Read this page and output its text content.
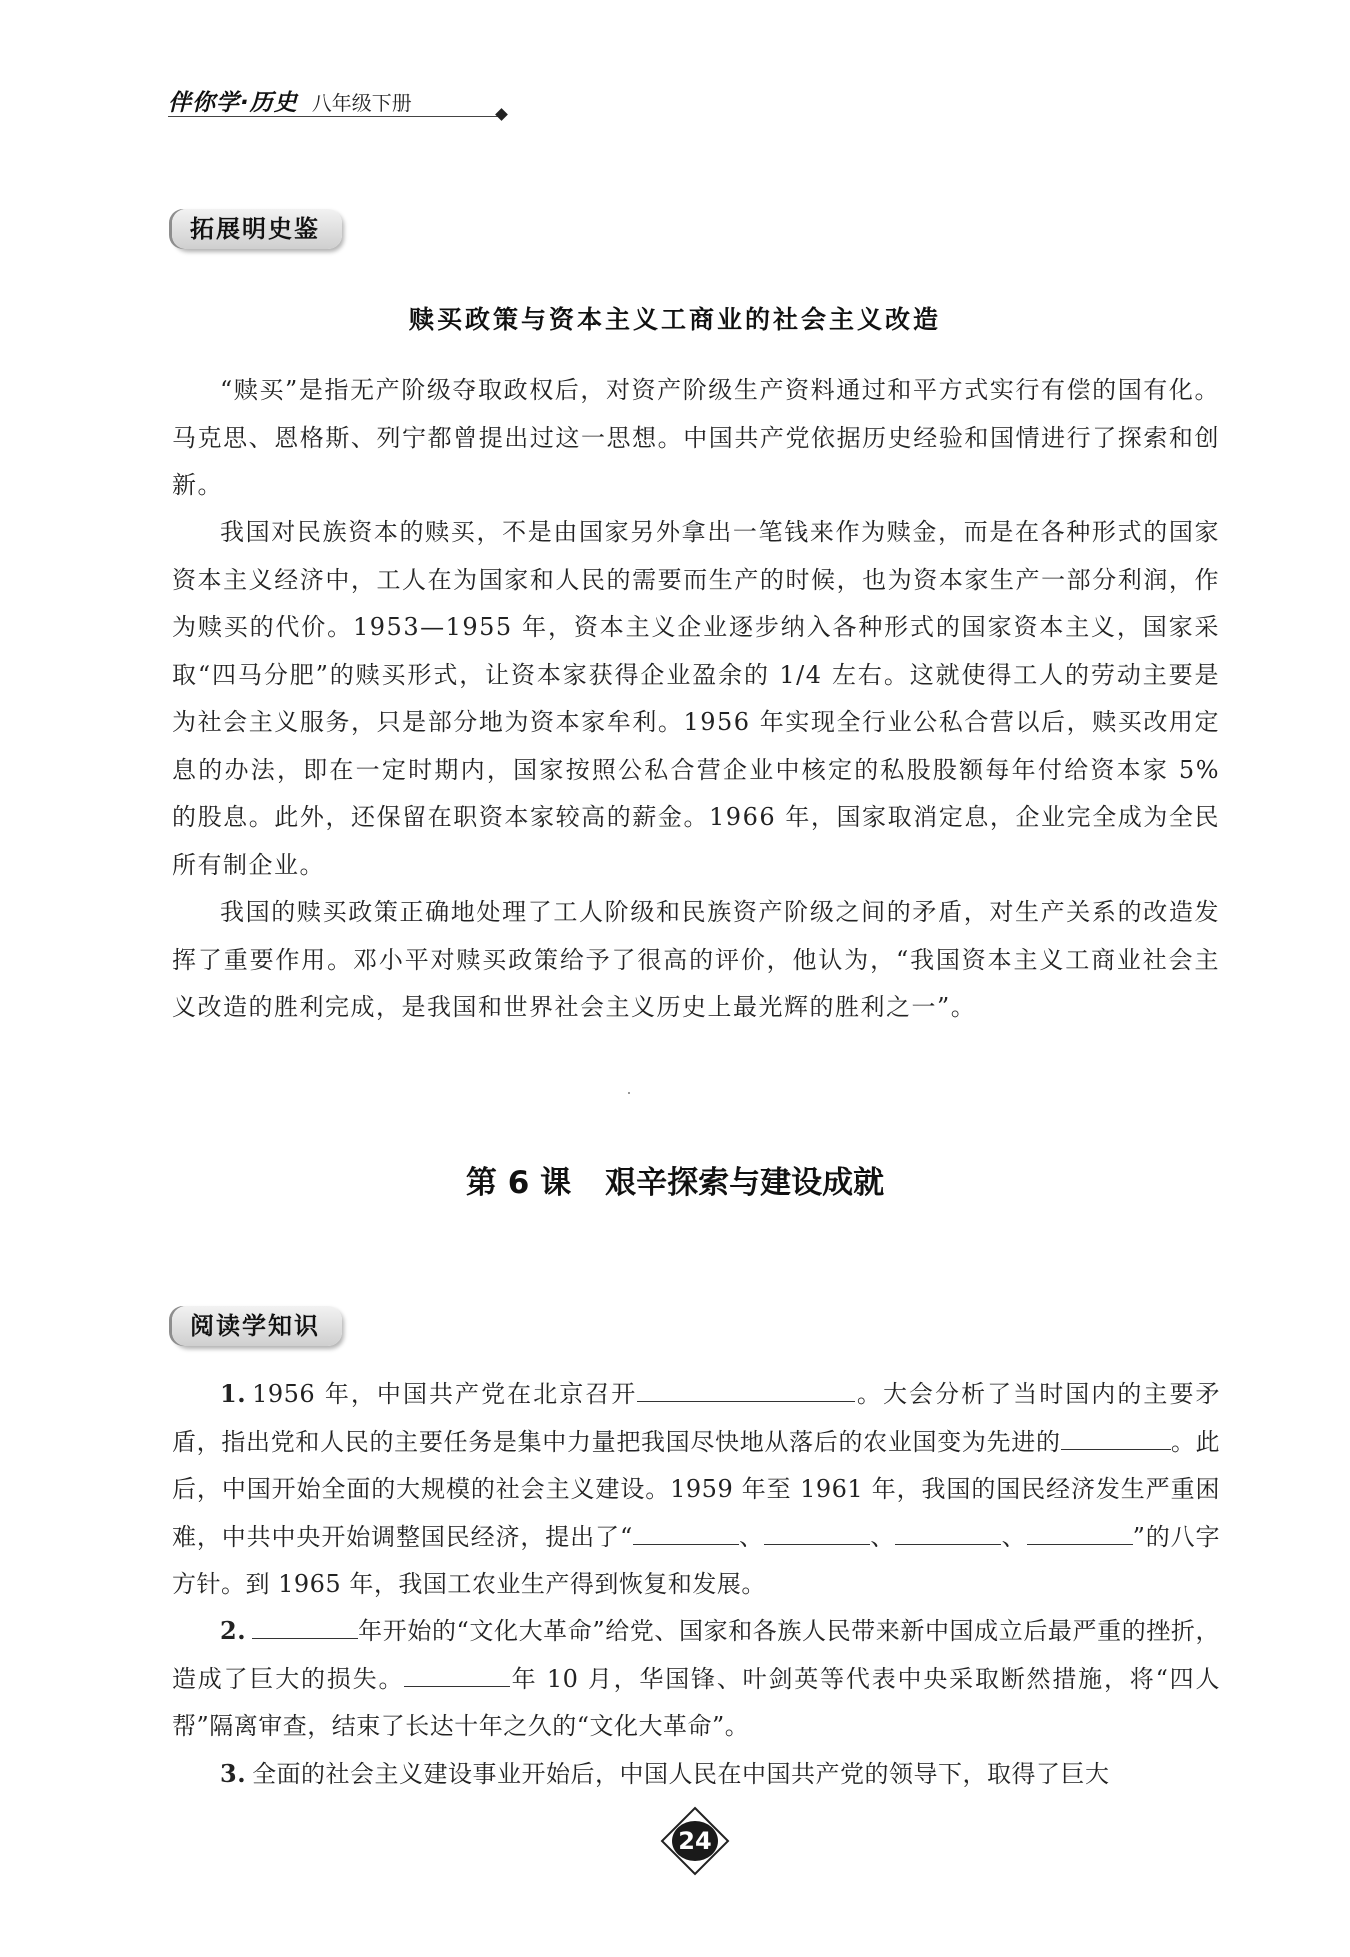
伴你学·历史 八年级下册
拓展明史鉴
赎买政策与资本主义工商业的社会主义改造

“赎买”是指无产阶级夺取政权后，对资产阶级生产资料通过和平方式实行有偿的国有化。马克思、恩格斯、列宁都曾提出过这一思想。中国共产党依据历史经验和国情进行了探索和创新。

我国对民族资本的赎买，不是由国家另外拿出一笔钱来作为赎金，而是在各种形式的国家资本主义经济中，工人在为国家和人民的需要而生产的时候，也为资本家生产一部分利润，作为赎买的代价。1953—1955 年，资本主义企业逐步纳入各种形式的国家资本主义，国家采取“四马分肥”的赎买形式，让资本家获得企业盈余的 1/4 左右。这就使得工人的劳动主要是为社会主义服务，只是部分地为资本家牟利。1956 年实现全行业公私合营以后，赎买改用定息的办法，即在一定时期内，国家按照公私合营企业中核定的私股股额每年付给资本家 5% 的股息。此外，还保留在职资本家较高的薪金。1966 年，国家取消定息，企业完全成为全民所有制企业。

我国的赎买政策正确地处理了工人阶级和民族资产阶级之间的矛盾，对生产关系的改造发挥了重要作用。邓小平对赎买政策给予了很高的评价，他认为，“我国资本主义工商业社会主义改造的胜利完成，是我国和世界社会主义历史上最光辉的胜利之一”。

第 6 课 艰辛探索与建设成就
阅读学知识

1. 1956 年，中国共产党在北京召开	。大会分析了当时国内的主要矛盾，指出党和人民的主要任务是集中力量把我国尽快地从落后的农业国变为先进的	。此后，中国开始全面的大规模的社会主义建设。1959 年至 1961 年，我国的国民经济发生严重困难，中共中央开始调整国民经济，提出了“	、	、	、	”的八字方针。到 1965 年，我国工农业生产得到恢复和发展。

2.	年开始的“文化大革命”给党、国家和各族人民带来新中国成立后最严重的挫折，造成了巨大的损失。	年 10 月，华国锋、叶剑英等代表中央采取断然措施，将“四人帮”隔离审查，结束了长达十年之久的“文化大革命”。

3. 全面的社会主义建设事业开始后，中国人民在中国共产党的领导下，取得了巨大

24
